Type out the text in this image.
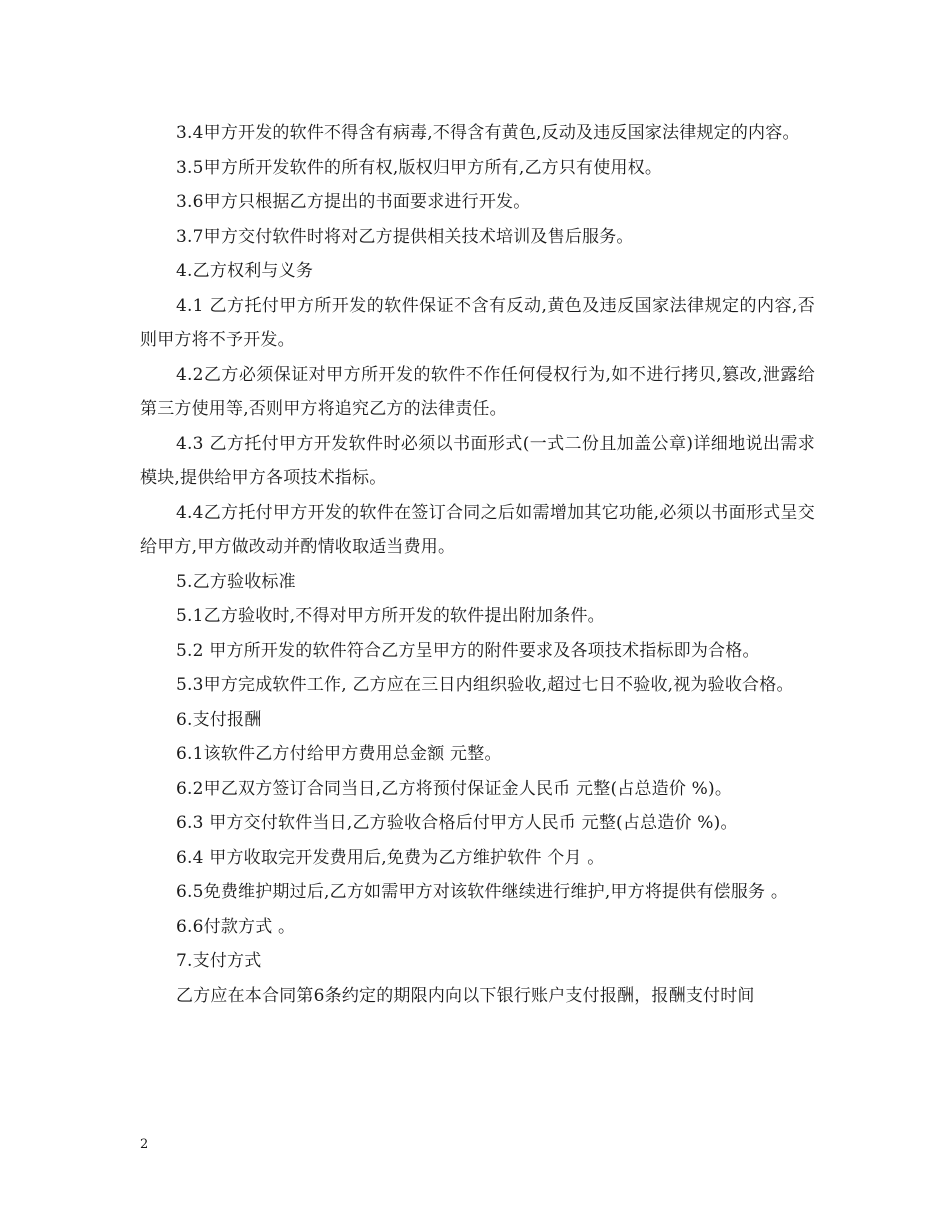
3.4甲方开发的软件不得含有病毒,不得含有黄色,反动及违反国家法律规定的内容。

3.5甲方所开发软件的所有权,版权归甲方所有,乙方只有使用权。

3.6甲方只根据乙方提出的书面要求进行开发。

3.7甲方交付软件时将对乙方提供相关技术培训及售后服务。

4.乙方权利与义务

4.1 乙方托付甲方所开发的软件保证不含有反动,黄色及违反国家法律规定的内容,否则甲方将不予开发。

4.2乙方必须保证对甲方所开发的软件不作任何侵权行为,如不进行拷贝,篡改,泄露给第三方使用等,否则甲方将追究乙方的法律责任。

4.3 乙方托付甲方开发软件时必须以书面形式(一式二份且加盖公章)详细地说出需求模块,提供给甲方各项技术指标。

4.4乙方托付甲方开发的软件在签订合同之后如需增加其它功能,必须以书面形式呈交给甲方,甲方做改动并酌情收取适当费用。

5.乙方验收标准

5.1乙方验收时,不得对甲方所开发的软件提出附加条件。

5.2 甲方所开发的软件符合乙方呈甲方的附件要求及各项技术指标即为合格。

5.3甲方完成软件工作, 乙方应在三日内组织验收,超过七日不验收,视为验收合格。

6.支付报酬

6.1该软件乙方付给甲方费用总金额 元整。

6.2甲乙双方签订合同当日,乙方将预付保证金人民币 元整(占总造价 %)。

6.3 甲方交付软件当日,乙方验收合格后付甲方人民币 元整(占总造价 %)。

6.4 甲方收取完开发费用后,免费为乙方维护软件 个月 。

6.5免费维护期过后,乙方如需甲方对该软件继续进行维护,甲方将提供有偿服务 。

6.6付款方式 。

7.支付方式

乙方应在本合同第6条约定的期限内向以下银行账户支付报酬，报酬支付时间

2
